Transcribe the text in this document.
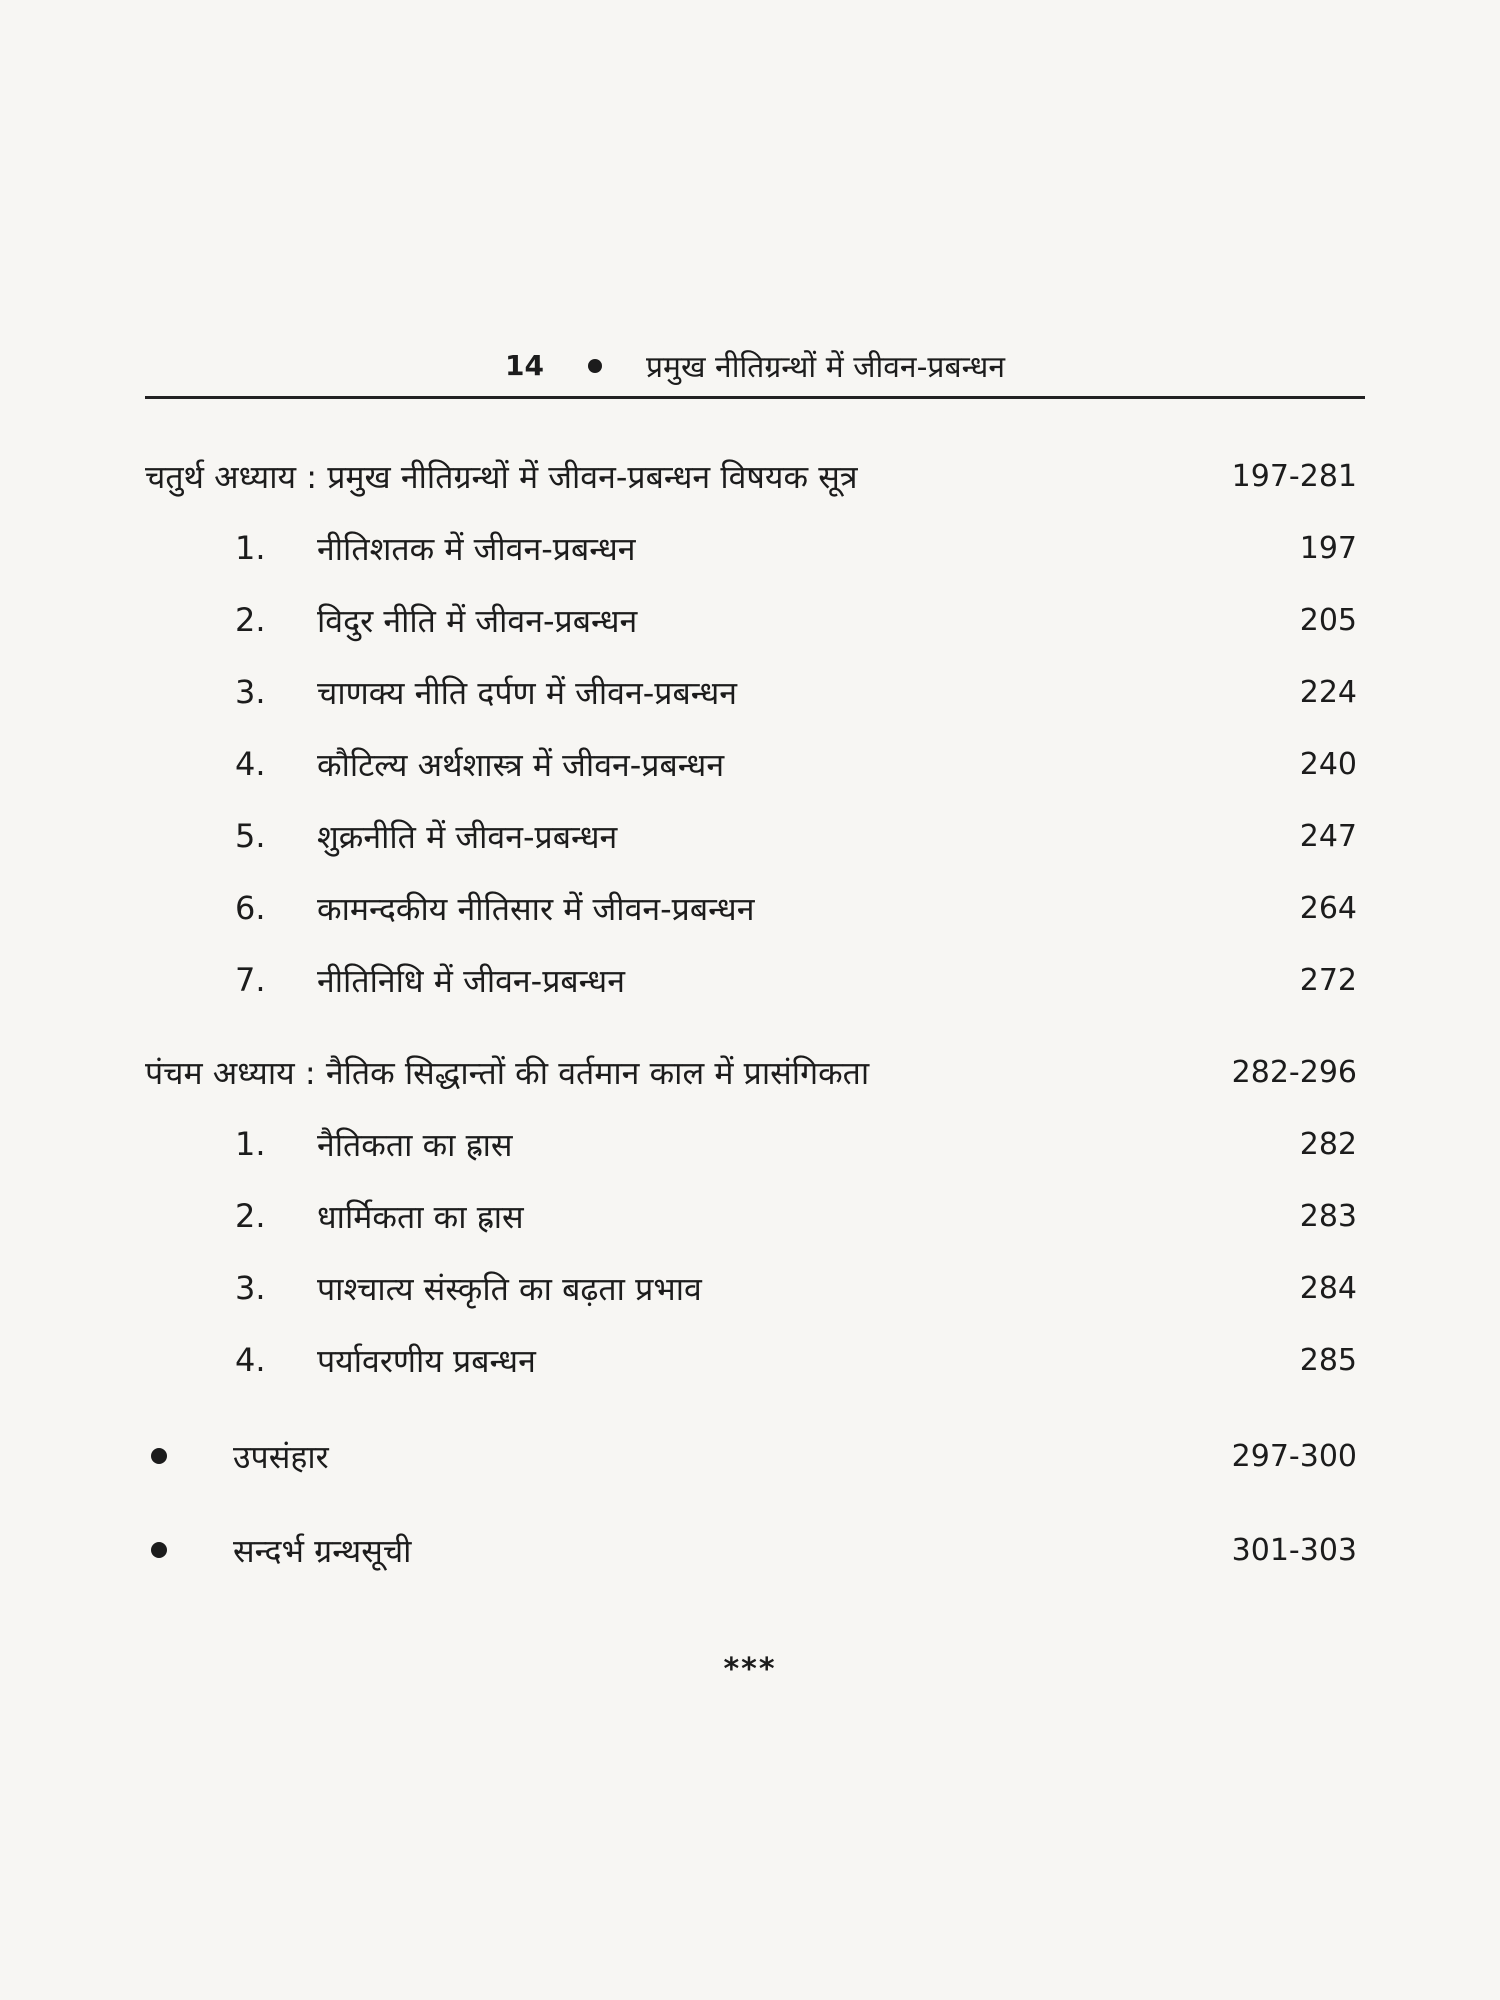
14	प्रमुख नीतिग्रन्थों में जीवन-प्रबन्धन
चतुर्थ अध्याय : प्रमुख नीतिग्रन्थों में जीवन-प्रबन्धन विषयक सूत्र	197-281
1.	नीतिशतक में जीवन-प्रबन्धन	197
2.	विदुर नीति में जीवन-प्रबन्धन	205
3.	चाणक्य नीति दर्पण में जीवन-प्रबन्धन	224
4.	कौटिल्य अर्थशास्त्र में जीवन-प्रबन्धन	240
5.	शुक्रनीति में जीवन-प्रबन्धन	247
6.	कामन्दकीय नीतिसार में जीवन-प्रबन्धन	264
7.	नीतिनिधि में जीवन-प्रबन्धन	272
पंचम अध्याय : नैतिक सिद्धान्तों की वर्तमान काल में प्रासंगिकता	282-296
1.	नैतिकता का ह्रास	282
2.	धार्मिकता का ह्रास	283
3.	पाश्चात्य संस्कृति का बढ़ता प्रभाव	284
4.	पर्यावरणीय प्रबन्धन	285
उपसंहार	297-300
सन्दर्भ ग्रन्थसूची	301-303
***
